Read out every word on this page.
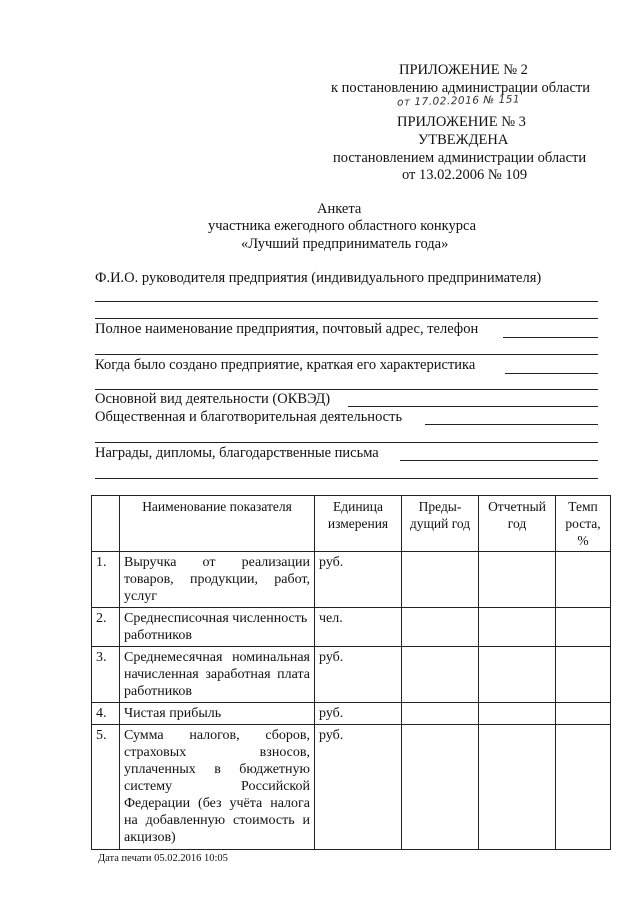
ПРИЛОЖЕНИЕ № 2
к постановлению администрации области
от 17.02.2016 № 151
ПРИЛОЖЕНИЕ № 3
УТВЕЖДЕНА
постановлением администрации области
от 13.02.2006 № 109
Анкета
участника ежегодного областного конкурса
«Лучший предприниматель года»
Ф.И.О. руководителя предприятия (индивидуального предпринимателя)
Полное наименование предприятия, почтовый адрес, телефон
Когда было создано предприятие, краткая его характеристика
Основной вид деятельности (ОКВЭД)
Общественная и благотворительная деятельность
Награды, дипломы, благодарственные письма
	Наименование показателя	Единица измерения	Преды-дущий год	Отчетный год	Темп роста, %
1.	Выручка от реализации товаров, продукции, работ, услуг	руб.			
2.	Среднесписочная численность работников	чел.			
3.	Среднемесячная номинальная начисленная заработная плата работников	руб.			
4.	Чистая прибыль	руб.			
5.	Сумма налогов, сборов, страховых взносов, уплаченных в бюджетную систему Российской Федерации (без учёта налога на добавленную стоимость и акцизов)	руб.			
Дата печати 05.02.2016 10:05
